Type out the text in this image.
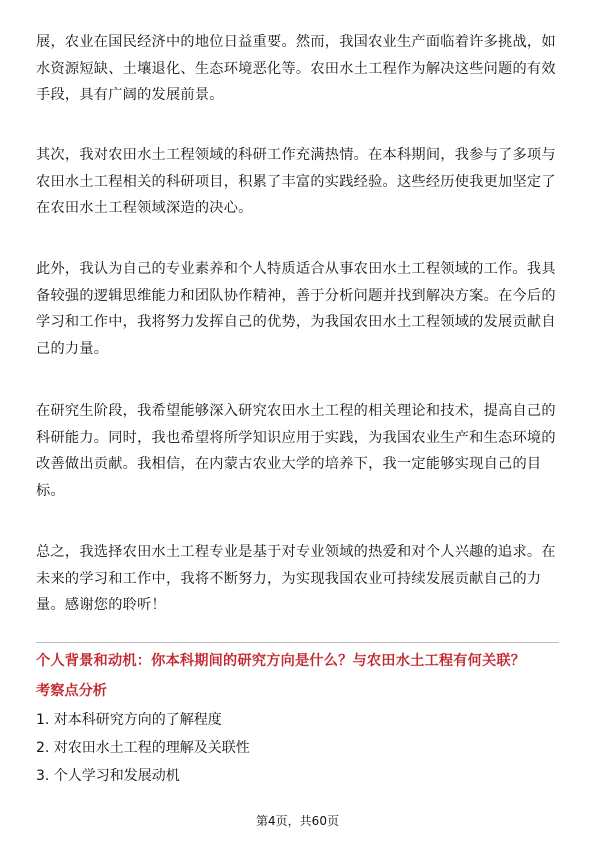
展，农业在国民经济中的地位日益重要。然而，我国农业生产面临着许多挑战，如
水资源短缺、土壤退化、生态环境恶化等。农田水土工程作为解决这些问题的有效
手段，具有广阔的发展前景。

其次，我对农田水土工程领域的科研工作充满热情。在本科期间，我参与了多项与
农田水土工程相关的科研项目，积累了丰富的实践经验。这些经历使我更加坚定了
在农田水土工程领域深造的决心。

此外，我认为自己的专业素养和个人特质适合从事农田水土工程领域的工作。我具
备较强的逻辑思维能力和团队协作精神，善于分析问题并找到解决方案。在今后的
学习和工作中，我将努力发挥自己的优势，为我国农田水土工程领域的发展贡献自
己的力量。

在研究生阶段，我希望能够深入研究农田水土工程的相关理论和技术，提高自己的
科研能力。同时，我也希望将所学知识应用于实践，为我国农业生产和生态环境的
改善做出贡献。我相信，在内蒙古农业大学的培养下，我一定能够实现自己的目
标。

总之，我选择农田水土工程专业是基于对专业领域的热爱和对个人兴趣的追求。在
未来的学习和工作中，我将不断努力，为实现我国农业可持续发展贡献自己的力
量。感谢您的聆听！

个人背景和动机：你本科期间的研究方向是什么？与农田水土工程有何关联？
考察点分析
1. 对本科研究方向的了解程度
2. 对农田水土工程的理解及关联性
3. 个人学习和发展动机
第4页，共60页
